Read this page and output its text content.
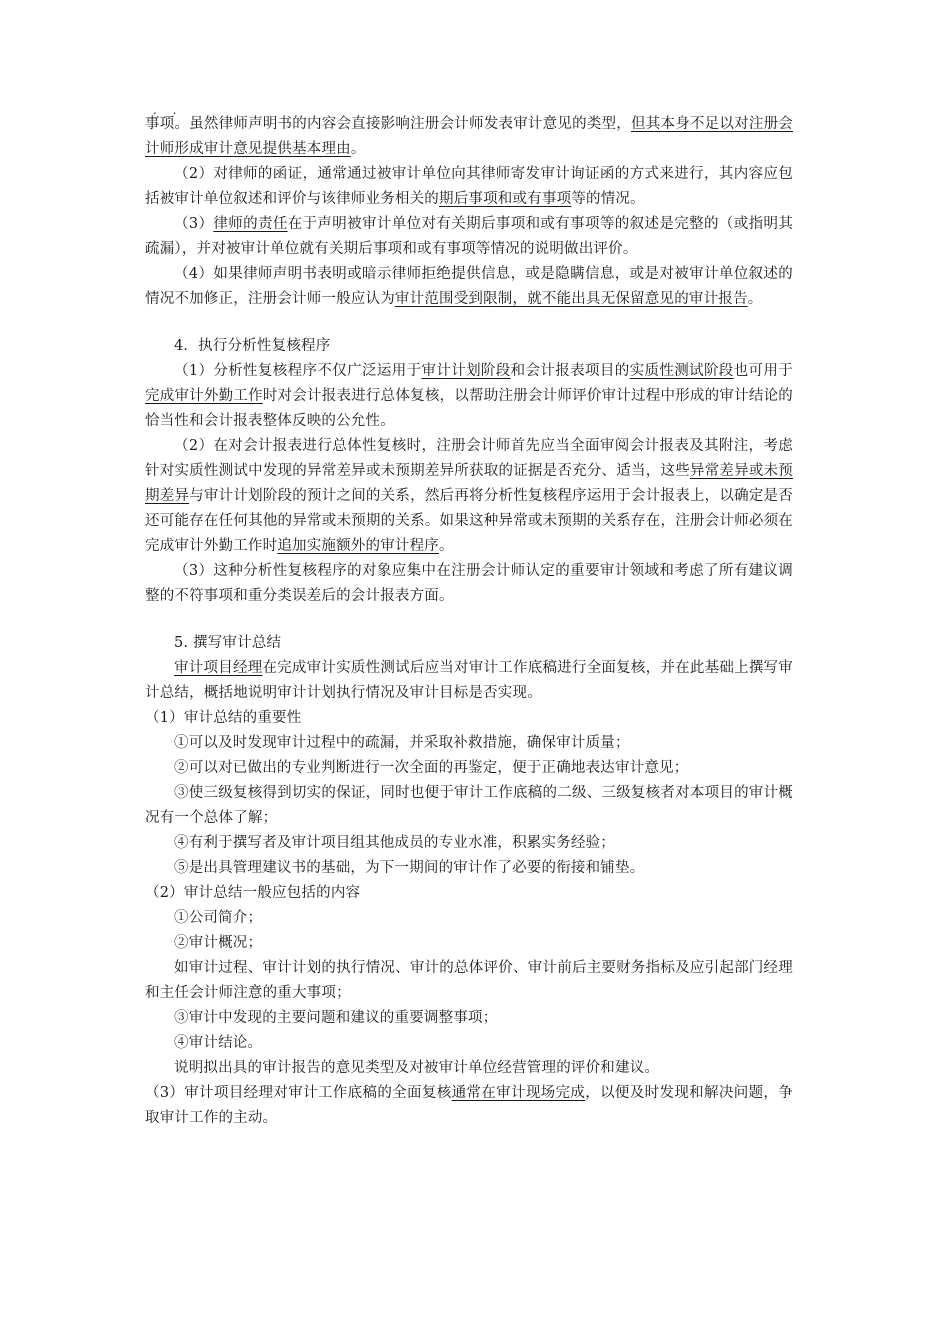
. .

事项。虽然律师声明书的内容会直接影响注册会计师发表审计意见的类型，但其本身不足以对注册会计师形成审计意见提供基本理由。

（2）对律师的函证，通常通过被审计单位向其律师寄发审计询证函的方式来进行，其内容应包括被审计单位叙述和评价与该律师业务相关的期后事项和或有事项等的情况。

（3）律师的责任在于声明被审计单位对有关期后事项和或有事项等的叙述是完整的（或指明其疏漏），并对被审计单位就有关期后事项和或有事项等情况的说明做出评价。

（4）如果律师声明书表明或暗示律师拒绝提供信息，或是隐瞒信息，或是对被审计单位叙述的情况不加修正，注册会计师一般应认为审计范围受到限制，就不能出具无保留意见的审计报告。

4．执行分析性复核程序

（1）分析性复核程序不仅广泛运用于审计计划阶段和会计报表项目的实质性测试阶段也可用于完成审计外勤工作时对会计报表进行总体复核，以帮助注册会计师评价审计过程中形成的审计结论的恰当性和会计报表整体反映的公允性。

（2）在对会计报表进行总体性复核时，注册会计师首先应当全面审阅会计报表及其附注，考虑针对实质性测试中发现的异常差异或未预期差异所获取的证据是否充分、适当，这些异常差异或未预期差异与审计计划阶段的预计之间的关系，然后再将分析性复核程序运用于会计报表上，以确定是否还可能存在任何其他的异常或未预期的关系。如果这种异常或未预期的关系存在，注册会计师必须在完成审计外勤工作时追加实施额外的审计程序。

（3）这种分析性复核程序的对象应集中在注册会计师认定的重要审计领域和考虑了所有建议调整的不符事项和重分类误差后的会计报表方面。

5. 撰写审计总结

审计项目经理在完成审计实质性测试后应当对审计工作底稿进行全面复核，并在此基础上撰写审计总结，概括地说明审计计划执行情况及审计目标是否实现。

（1）审计总结的重要性

①可以及时发现审计过程中的疏漏，并采取补救措施，确保审计质量；

②可以对已做出的专业判断进行一次全面的再鉴定，便于正确地表达审计意见；

③使三级复核得到切实的保证，同时也便于审计工作底稿的二级、三级复核者对本项目的审计概况有一个总体了解；

④有利于撰写者及审计项目组其他成员的专业水准，积累实务经验；

⑤是出具管理建议书的基础，为下一期间的审计作了必要的衔接和铺垫。

（2）审计总结一般应包括的内容

①公司简介；

②审计概况；

如审计过程、审计计划的执行情况、审计的总体评价、审计前后主要财务指标及应引起部门经理和主任会计师注意的重大事项；

③审计中发现的主要问题和建议的重要调整事项；

④审计结论。

说明拟出具的审计报告的意见类型及对被审计单位经营管理的评价和建议。

（3）审计项目经理对审计工作底稿的全面复核通常在审计现场完成，以便及时发现和解决问题，争取审计工作的主动。
